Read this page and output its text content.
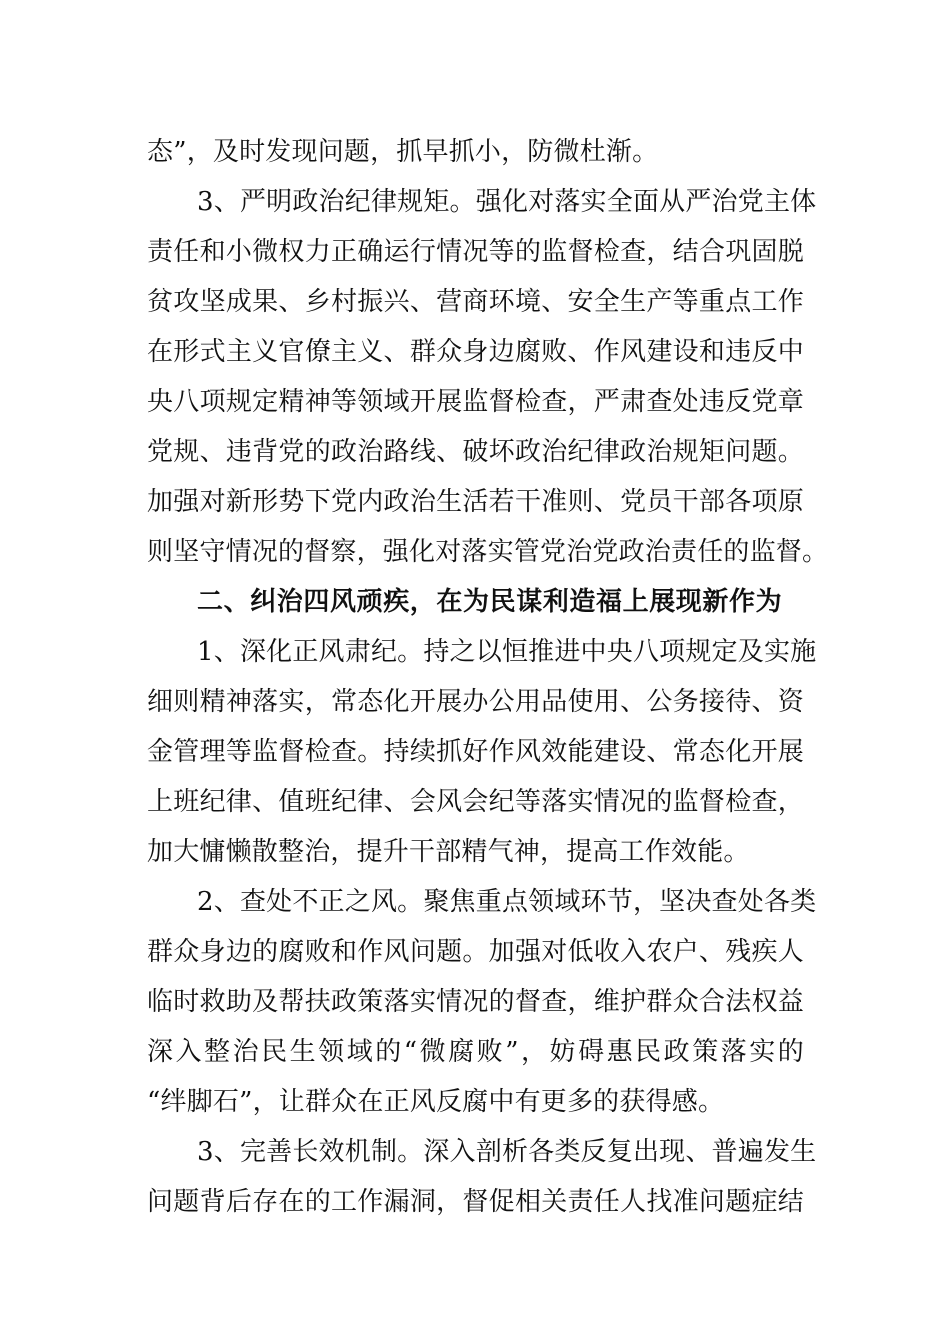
态”，及时发现问题，抓早抓小，防微杜渐。
3、严明政治纪律规矩。强化对落实全面从严治党主体
责任和小微权力正确运行情况等的监督检查，结合巩固脱
贫攻坚成果、乡村振兴、营商环境、安全生产等重点工作
在形式主义官僚主义、群众身边腐败、作风建设和违反中
央八项规定精神等领域开展监督检查，严肃查处违反党章
党规、违背党的政治路线、破坏政治纪律政治规矩问题。
加强对新形势下党内政治生活若干准则、党员干部各项原
则坚守情况的督察，强化对落实管党治党政治责任的监督。
二、纠治四风顽疾，在为民谋利造福上展现新作为
1、深化正风肃纪。持之以恒推进中央八项规定及实施
细则精神落实，常态化开展办公用品使用、公务接待、资
金管理等监督检查。持续抓好作风效能建设、常态化开展
上班纪律、值班纪律、会风会纪等落实情况的监督检查，
加大慵懒散整治，提升干部精气神，提高工作效能。
2、查处不正之风。聚焦重点领域环节，坚决查处各类
群众身边的腐败和作风问题。加强对低收入农户、残疾人
临时救助及帮扶政策落实情况的督查，维护群众合法权益
深入整治民生领域的“微腐败”，妨碍惠民政策落实的
“绊脚石”，让群众在正风反腐中有更多的获得感。
3、完善长效机制。深入剖析各类反复出现、普遍发生
问题背后存在的工作漏洞，督促相关责任人找准问题症结
